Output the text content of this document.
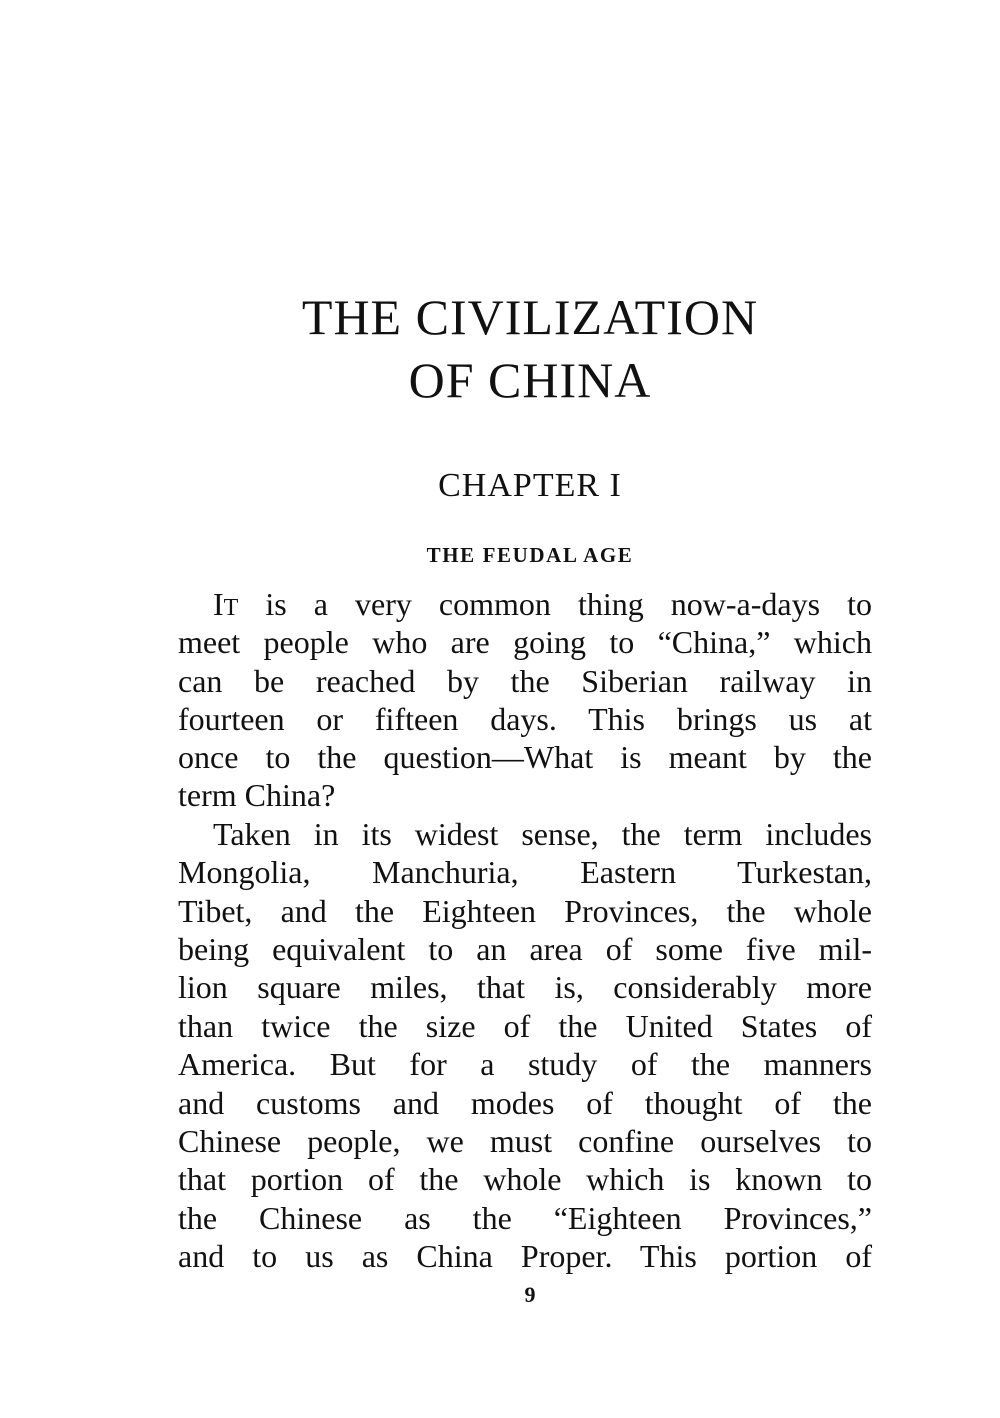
THE CIVILIZATION
OF CHINA
CHAPTER I
THE FEUDAL AGE

IT is a very common thing now-a-days to

meet people who are going to “China,” which

can be reached by the Siberian railway in

fourteen or fifteen days. This brings us at

once to the question—What is meant by the

term China?

Taken in its widest sense, the term includes

Mongolia, Manchuria, Eastern Turkestan,

Tibet, and the Eighteen Provinces, the whole

being equivalent to an area of some five mil-

lion square miles, that is, considerably more

than twice the size of the United States of

America. But for a study of the manners

and customs and modes of thought of the

Chinese people, we must confine ourselves to

that portion of the whole which is known to

the Chinese as the “Eighteen Provinces,”

and to us as China Proper. This portion of

9
